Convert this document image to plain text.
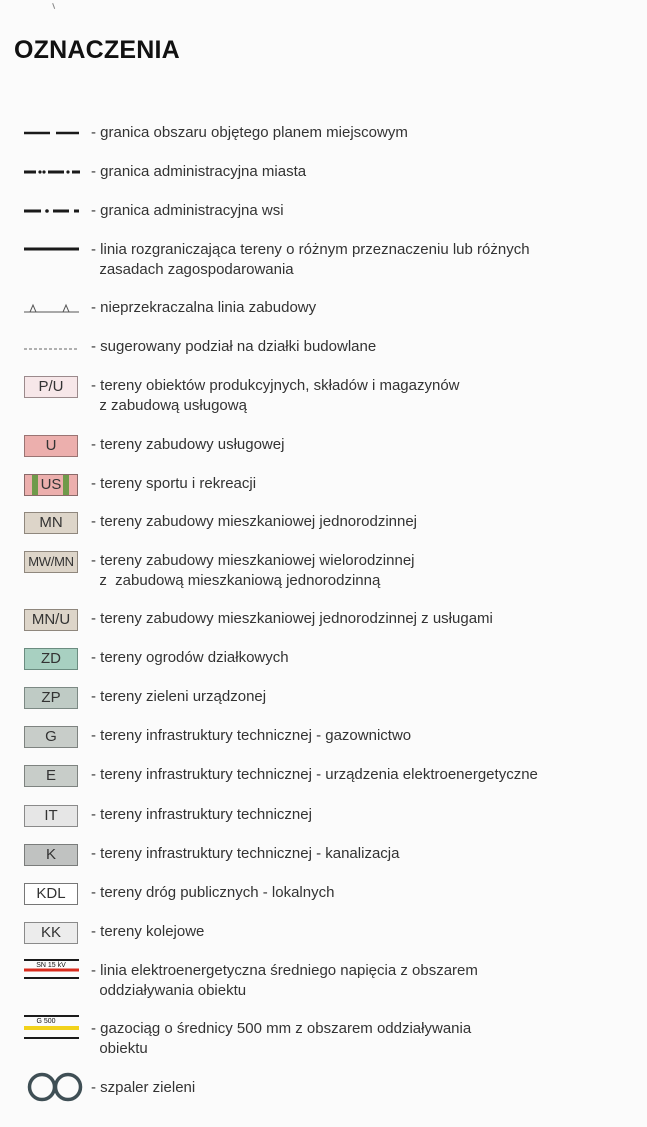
OZNACZENIA
- granica obszaru objętego planem miejscowym
- granica administracyjna miasta
- granica administracyjna wsi
- linia rozgraniczająca tereny o różnym przeznaczeniu lub różnych
zasadach zagospodarowania
- nieprzekraczalna linia zabudowy
- sugerowany podział na działki budowlane
P/U	- tereny obiektów produkcyjnych, składów i magazynów
z zabudową usługową
U	- tereny zabudowy usługowej
US	- tereny sportu i rekreacji
MN	- tereny zabudowy mieszkaniowej jednorodzinnej
MW/MN - tereny zabudowy mieszkaniowej wielorodzinnej
z  zabudową mieszkaniową jednorodzinną
MN/U	- tereny zabudowy mieszkaniowej jednorodzinnej z usługami
ZD	- tereny ogrodów działkowych
ZP	- tereny zieleni urządzonej
G	- tereny infrastruktury technicznej - gazownictwo
E	- tereny infrastruktury technicznej - urządzenia elektroenergetyczne
IT	- tereny infrastruktury technicznej
K	- tereny infrastruktury technicznej - kanalizacja
KDL	- tereny dróg publicznych - lokalnych
KK	- tereny kolejowe
SN 15 kV - linia elektroenergetyczna średniego napięcia z obszarem
oddziaływania obiektu
G 500 - gazociąg o średnicy 500 mm z obszarem oddziaływania
obiektu
- szpaler zieleni
